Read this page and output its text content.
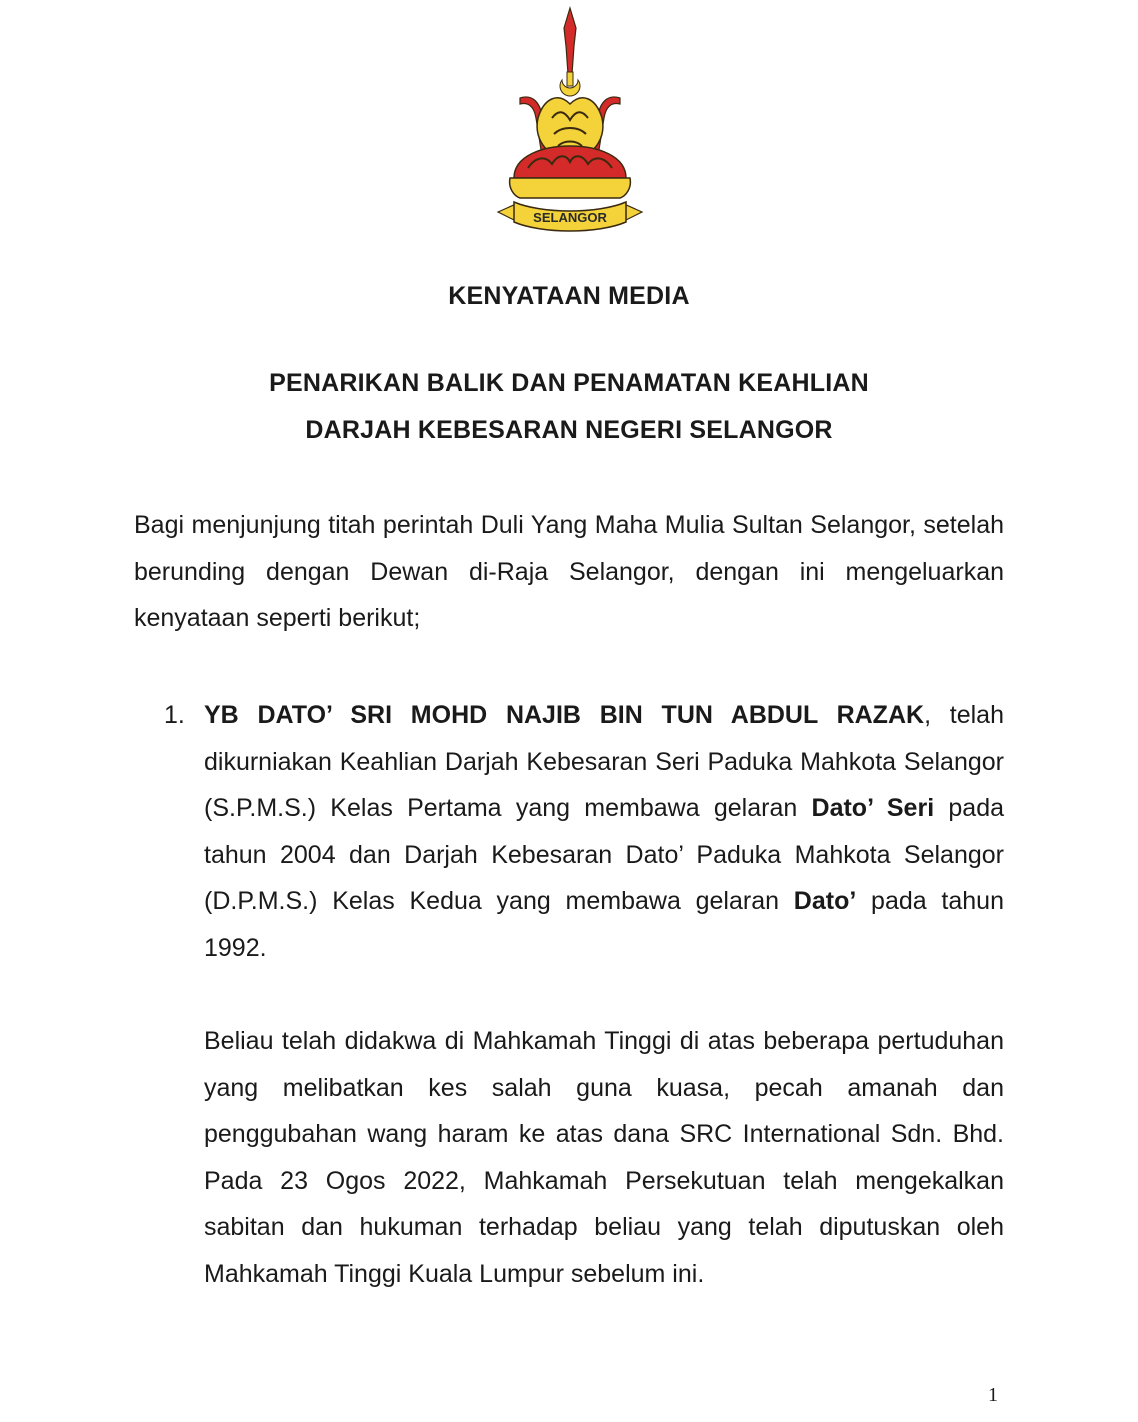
SELANGOR
KENYATAAN MEDIA
PENARIKAN BALIK DAN PENAMATAN KEAHLIAN
DARJAH KEBESARAN NEGERI SELANGOR

Bagi menjunjung titah perintah Duli Yang Maha Mulia Sultan Selangor, setelah berunding dengan Dewan di-Raja Selangor, dengan ini mengeluarkan kenyataan seperti berikut;

1. YB DATO’ SRI MOHD NAJIB BIN TUN ABDUL RAZAK, telah dikurniakan Keahlian Darjah Kebesaran Seri Paduka Mahkota Selangor (S.P.M.S.) Kelas Pertama yang membawa gelaran Dato’ Seri pada tahun 2004 dan Darjah Kebesaran Dato’ Paduka Mahkota Selangor (D.P.M.S.) Kelas Kedua yang membawa gelaran Dato’ pada tahun 1992.

Beliau telah didakwa di Mahkamah Tinggi di atas beberapa pertuduhan yang melibatkan kes salah guna kuasa, pecah amanah dan penggubahan wang haram ke atas dana SRC International Sdn. Bhd. Pada 23 Ogos 2022, Mahkamah Persekutuan telah mengekalkan sabitan dan hukuman terhadap beliau yang telah diputuskan oleh Mahkamah Tinggi Kuala Lumpur sebelum ini.

1
